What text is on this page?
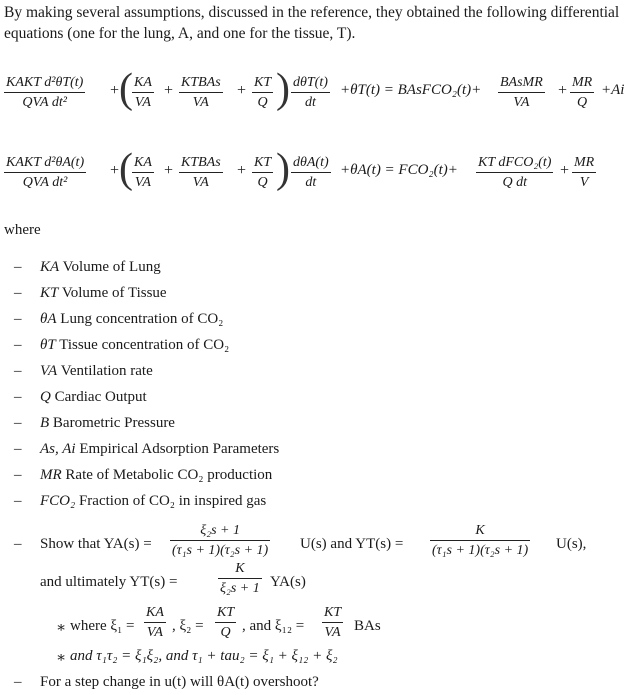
By making several assumptions, discussed in the reference, they obtained the following differential equations (one for the lung, A, and one for the tissue, T).
KAKT d²θT(t)
QVA dt²
+ ( KA
VA
+ KTBAs
VA
+ KT
Q ) dθT(t)
dt
+θT(t) = BAsFCO₂(t)+ BAsMR
VA
+ MR
Q
+Ai
KAKT d²θA(t)
QVA dt²
+ ( KA
VA
+ KTBAs
VA
+ KT
Q ) dθA(t)
dt
+θA(t) = FCO₂(t)+ KT dFCO₂(t)
Q dt
+ MR
V
where
– KA Volume of Lung
– KT Volume of Tissue
– θA Lung concentration of CO₂
– θT Tissue concentration of CO₂
– VA Ventilation rate
– Q Cardiac Output
– B Barometric Pressure
– As, Ai Empirical Adsorption Parameters
– MR Rate of Metabolic CO₂ production
– FCO₂ Fraction of CO₂ in inspired gas
– Show that YA(s) =
ξ₂s + 1
(τ₁s + 1)(τ₂s + 1) U(s) and YT(s) =
K
(τ₁s + 1)(τ₂s + 1) U(s),
and ultimately YT(s) =
K
ξ₂s + 1 YA(s)
∗ where ξ₁ =
KA
VA , ξ₂ =
KT
Q , and ξ₁₂ =
KT
VA BAs
∗ and τ₁τ₂ = ξ₁ξ₂, and τ₁ + tau₂ = ξ₁ + ξ₁₂ + ξ₂
– For a step change in u(t) will θA(t) overshoot?
